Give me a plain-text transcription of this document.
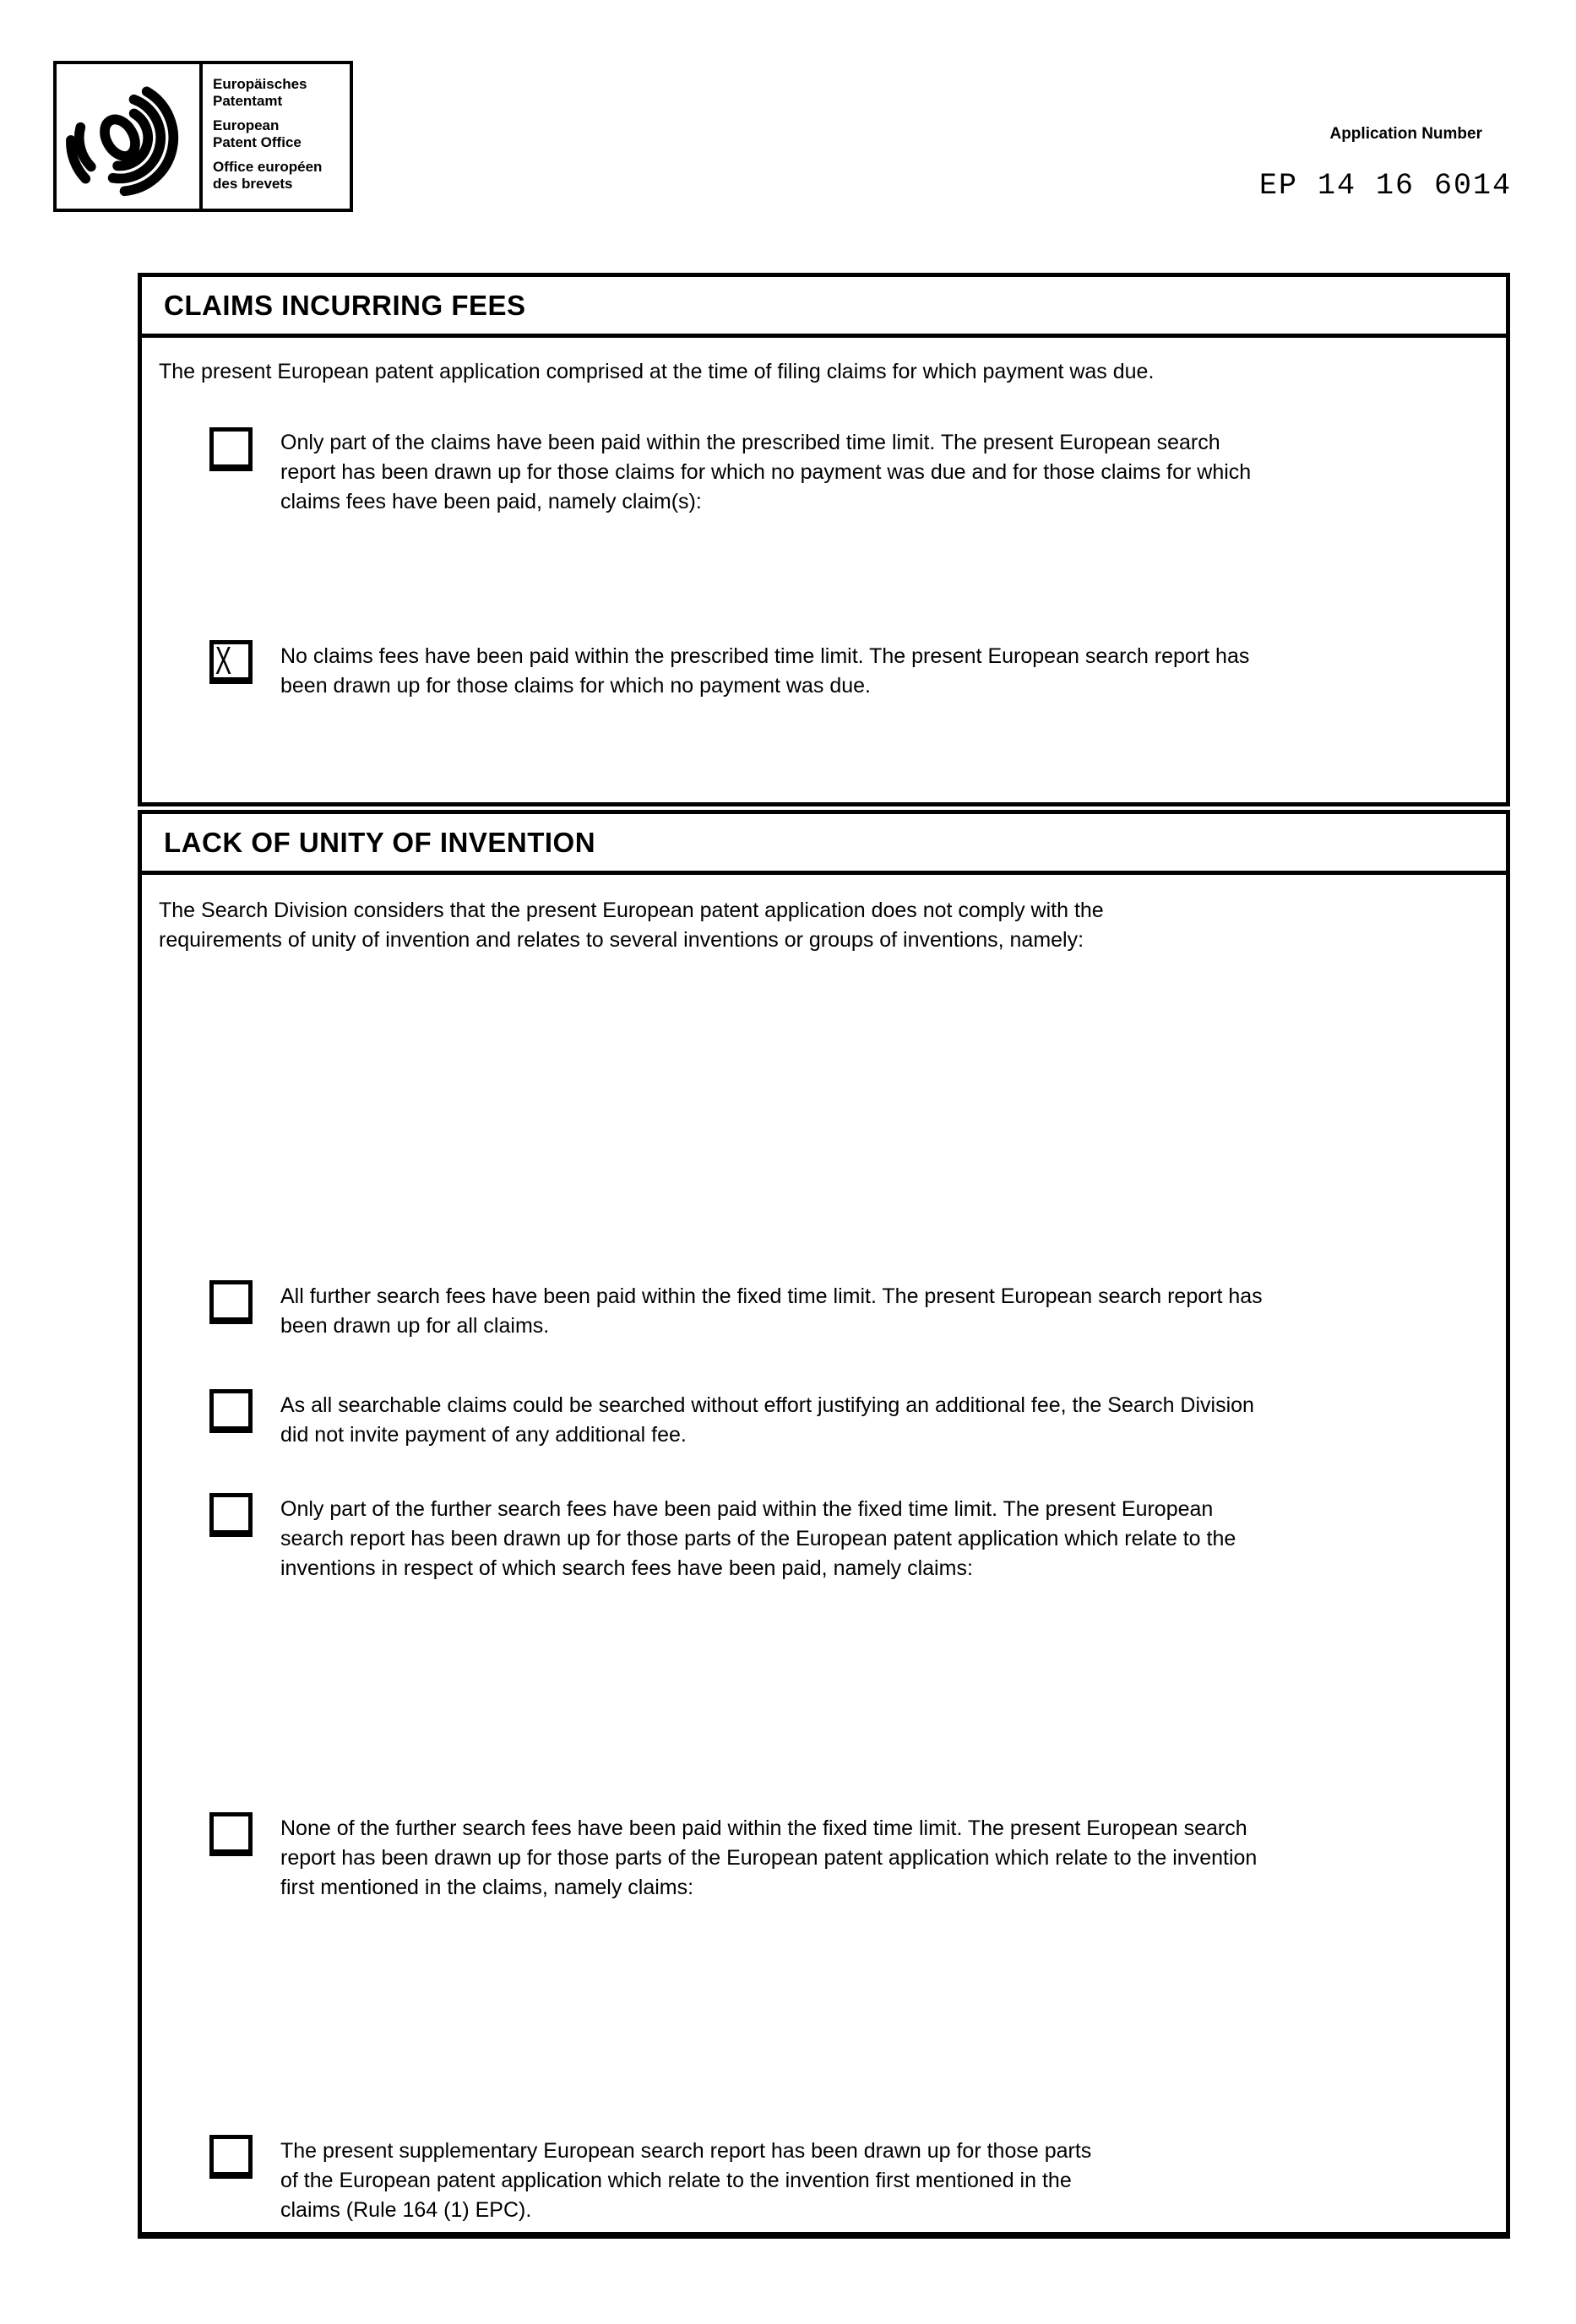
Europäisches
Patentamt
European
Patent Office
Office européen
des brevets
Application Number
EP 14 16 6014
CLAIMS INCURRING FEES
The present European patent application comprised at the time of filing claims for which payment was due.
Only part of the claims have been paid within the prescribed time limit. The present European search
report has been drawn up for those claims for which no payment was due and for those claims for which
claims fees have been paid, namely claim(s):
X No claims fees have been paid within the prescribed time limit. The present European search report has
been drawn up for those claims for which no payment was due.
LACK OF UNITY OF INVENTION
The Search Division considers that the present European patent application does not comply with the
requirements of unity of invention and relates to several inventions or groups of inventions, namely:
All further search fees have been paid within the fixed time limit. The present European search report has
been drawn up for all claims.
As all searchable claims could be searched without effort justifying an additional fee, the Search Division
did not invite payment of any additional fee.
Only part of the further search fees have been paid within the fixed time limit. The present European
search report has been drawn up for those parts of the European patent application which relate to the
inventions in respect of which search fees have been paid, namely claims:
None of the further search fees have been paid within the fixed time limit. The present European search
report has been drawn up for those parts of the European patent application which relate to the invention
first mentioned in the claims, namely claims:
The present supplementary European search report has been drawn up for those parts
of the European patent application which relate to the invention first mentioned in the
claims (Rule 164 (1) EPC).
